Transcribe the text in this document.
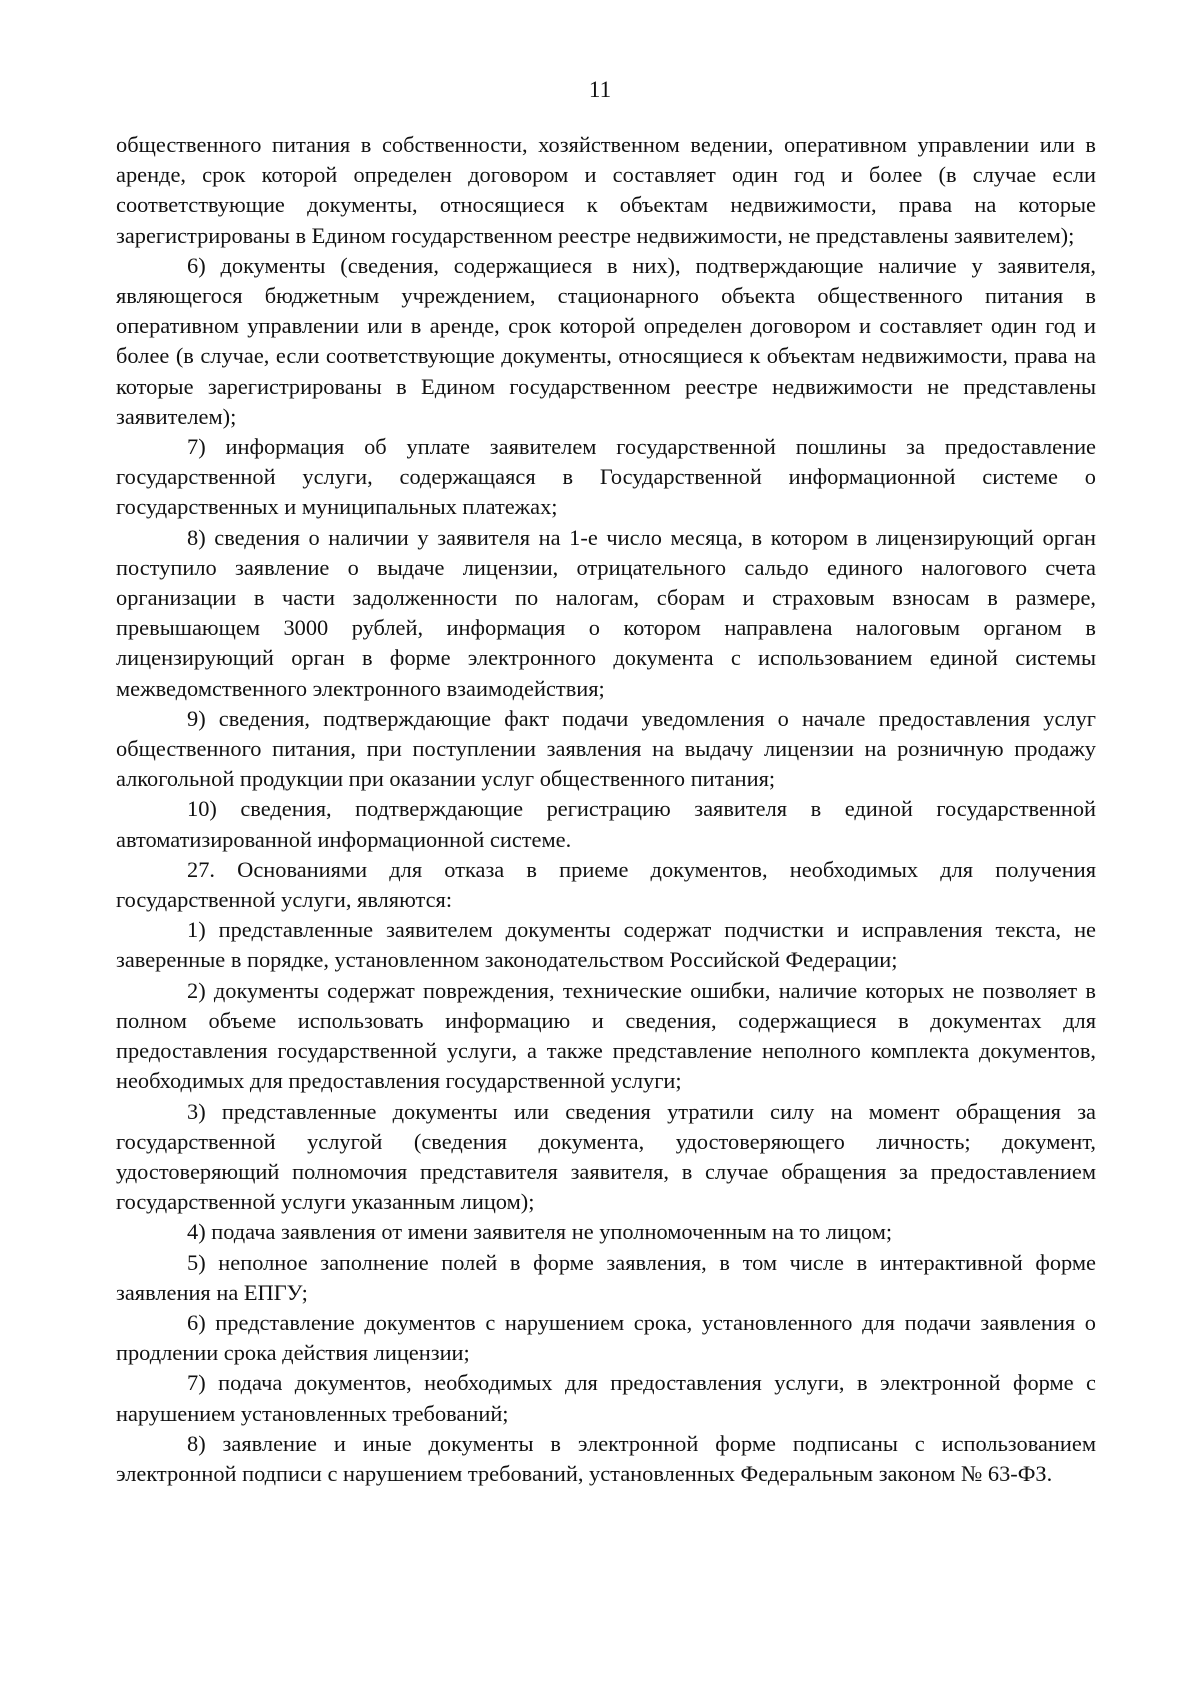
11

общественного питания в собственности, хозяйственном ведении, оперативном управлении или в аренде, срок которой определен договором и составляет один год и более (в случае если соответствующие документы, относящиеся к объектам недвижимости, права на которые зарегистрированы в Едином государственном реестре недвижимости, не представлены заявителем);

6) документы (сведения, содержащиеся в них), подтверждающие наличие у заявителя, являющегося бюджетным учреждением, стационарного объекта общественного питания в оперативном управлении или в аренде, срок которой определен договором и составляет один год и более (в случае, если соответствующие документы, относящиеся к объектам недвижимости, права на которые зарегистрированы в Едином государственном реестре недвижимости не представлены заявителем);

7) информация об уплате заявителем государственной пошлины за предоставление государственной услуги, содержащаяся в Государственной информационной системе о государственных и муниципальных платежах;

8) сведения о наличии у заявителя на 1-е число месяца, в котором в лицензирующий орган поступило заявление о выдаче лицензии, отрицательного сальдо единого налогового счета организации в части задолженности по налогам, сборам и страховым взносам в размере, превышающем 3000 рублей, информация о котором направлена налоговым органом в лицензирующий орган в форме электронного документа с использованием единой системы межведомственного электронного взаимодействия;

9) сведения, подтверждающие факт подачи уведомления о начале предоставления услуг общественного питания, при поступлении заявления на выдачу лицензии на розничную продажу алкогольной продукции при оказании услуг общественного питания;

10) сведения, подтверждающие регистрацию заявителя в единой государственной автоматизированной информационной системе.

27. Основаниями для отказа в приеме документов, необходимых для получения государственной услуги, являются:

1) представленные заявителем документы содержат подчистки и исправления текста, не заверенные в порядке, установленном законодательством Российской Федерации;

2) документы содержат повреждения, технические ошибки, наличие которых не позволяет в полном объеме использовать информацию и сведения, содержащиеся в документах для предоставления государственной услуги, а также представление неполного комплекта документов, необходимых для предоставления государственной услуги;

3) представленные документы или сведения утратили силу на момент обращения за государственной услугой (сведения документа, удостоверяющего личность; документ, удостоверяющий полномочия представителя заявителя, в случае обращения за предоставлением государственной услуги указанным лицом);

4) подача заявления от имени заявителя не уполномоченным на то лицом;

5) неполное заполнение полей в форме заявления, в том числе в интерактивной форме заявления на ЕПГУ;

6) представление документов с нарушением срока, установленного для подачи заявления о продлении срока действия лицензии;

7) подача документов, необходимых для предоставления услуги, в электронной форме с нарушением установленных требований;

8) заявление и иные документы в электронной форме подписаны с использованием электронной подписи с нарушением требований, установленных Федеральным законом № 63-ФЗ.
